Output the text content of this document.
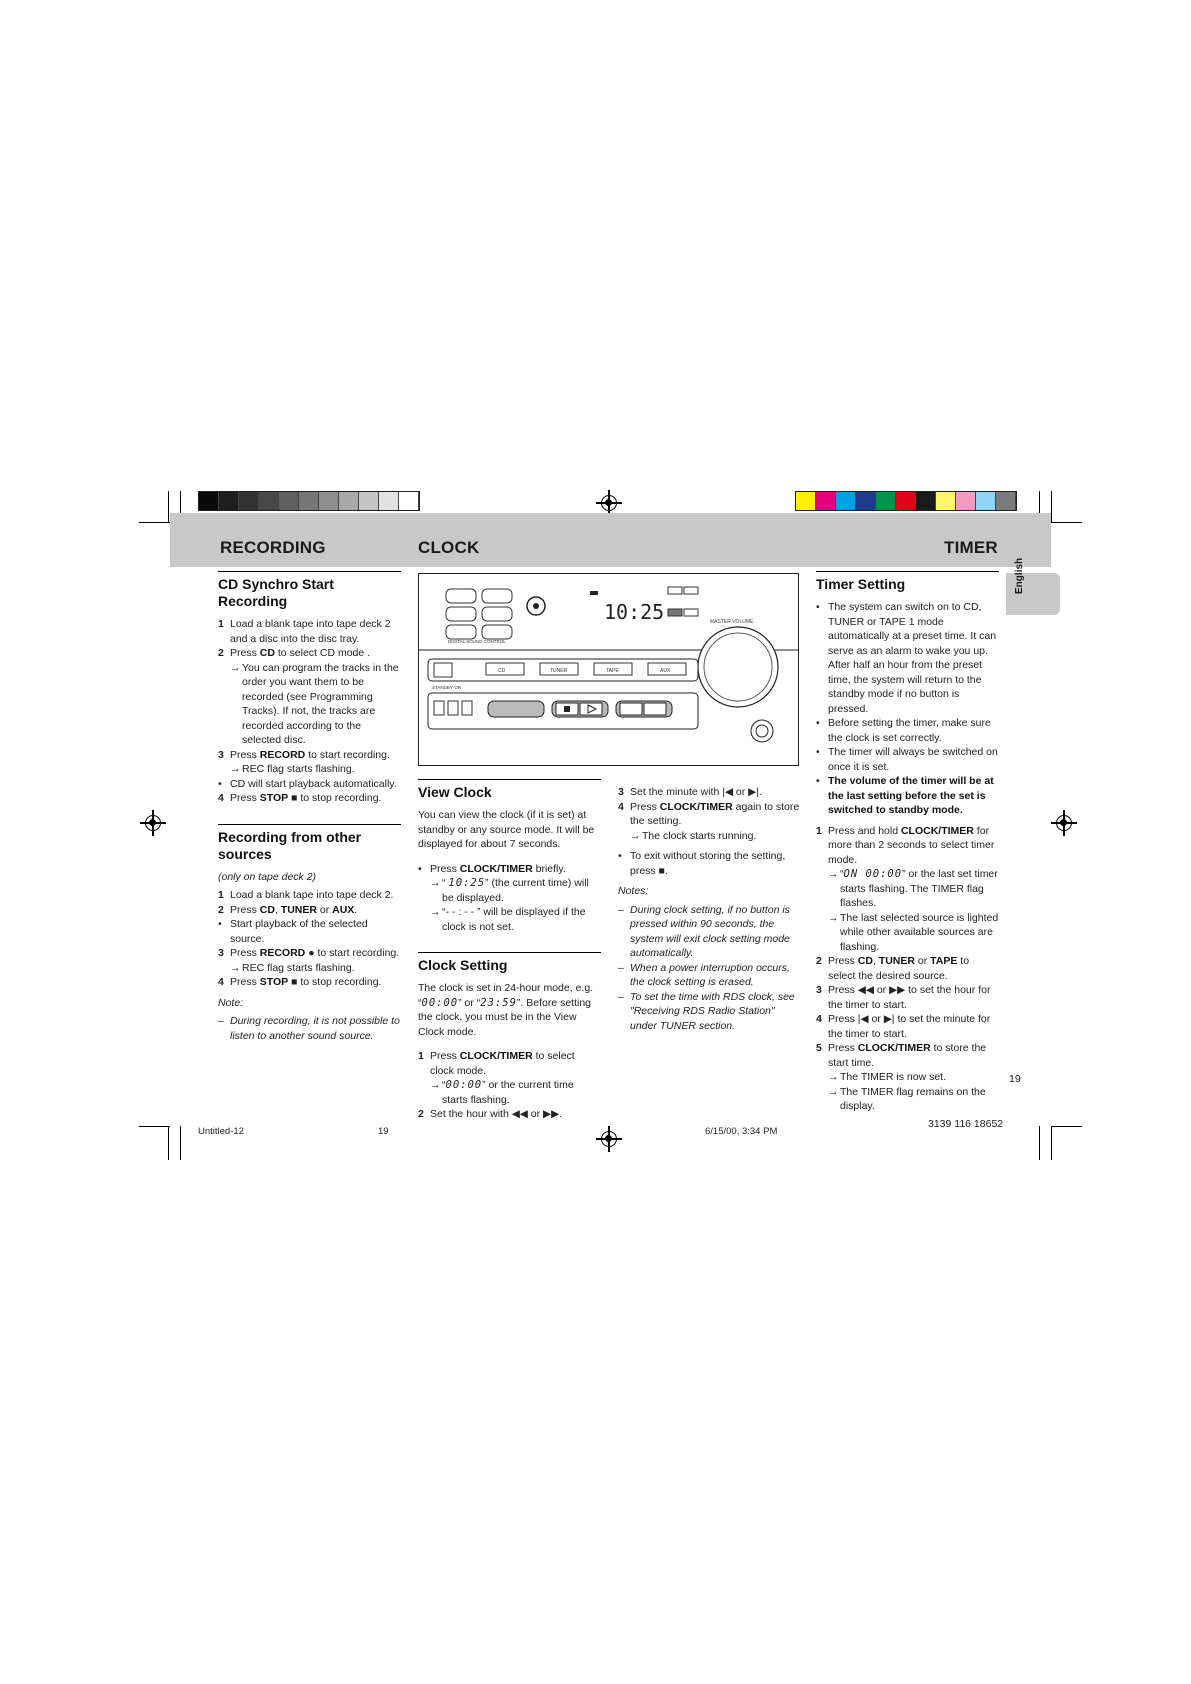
RECORDING	CLOCK	TIMER
English
CD Synchro Start Recording
1 Load a blank tape into tape deck 2 and a disc into the disc tray.
2 Press CD to select CD mode .
→ You can program the tracks in the order you want them to be recorded (see Programming Tracks). If not, the tracks are recorded according to the selected disc.
3 Press RECORD to start recording.
→ REC flag starts flashing.
• CD will start playback automatically.
4 Press STOP ■ to stop recording.
Recording from other sources

(only on tape deck 2)

1 Load a blank tape into tape deck 2.
2 Press CD, TUNER or AUX.
• Start playback of the selected source.
3 Press RECORD ● to start recording.
→ REC flag starts flashing.
4 Press STOP ■ to stop recording.

Note:

– During recording, it is not possible to listen to another sound source.
DIGITAL SOUND CONTROL
10:25	MASTER VOLUME
CD	TUNER	TAPE	AUX
STANDBY·ON
View Clock

You can view the clock (if it is set) at standby or any source mode. It will be displayed for about 7 seconds.

• Press CLOCK/TIMER briefly.
→ “ 10:25” (the current time) will be displayed.
→ “- - : - - ” will be displayed if the clock is not set.
Clock Setting

The clock is set in 24-hour mode, e.g. “00:00” or “23:59”. Before setting the clock, you must be in the View Clock mode.

1 Press CLOCK/TIMER to select clock mode.
→ “00:00” or the current time starts flashing.
2 Set the hour with ◀◀ or ▶▶.
3 Set the minute with |◀ or ▶|.
4 Press CLOCK/TIMER again to store the setting.
→ The clock starts running.
• To exit without storing the setting, press ■.

Notes:

– During clock setting, if no button is pressed within 90 seconds, the system will exit clock setting mode automatically.
– When a power interruption occurs, the clock setting is erased.
– To set the time with RDS clock, see "Receiving RDS Radio Station" under TUNER section.
Timer Setting
• The system can switch on to CD, TUNER or TAPE 1 mode automatically at a preset time. It can serve as an alarm to wake you up. After half an hour from the preset time, the system will return to the standby mode if no button is pressed.
• Before setting the timer, make sure the clock is set correctly.
• The timer will always be switched on once it is set.
• The volume of the timer will be at the last setting before the set is switched to standby mode.
1 Press and hold CLOCK/TIMER for more than 2 seconds to select timer mode.
→ “ON 00:00” or the last set timer starts flashing. The TIMER flag flashes.
→ The last selected source is lighted while other available sources are flashing.
2 Press CD, TUNER or TAPE to select the desired source.
3 Press ◀◀ or ▶▶ to set the hour for the timer to start.
4 Press |◀ or ▶| to set the minute for the timer to start.
5 Press CLOCK/TIMER to store the start time.
→ The TIMER is now set.
→ The TIMER flag remains on the display.
19
Untitled-12	19	6/15/00, 3:34 PM
3139 116 18652
